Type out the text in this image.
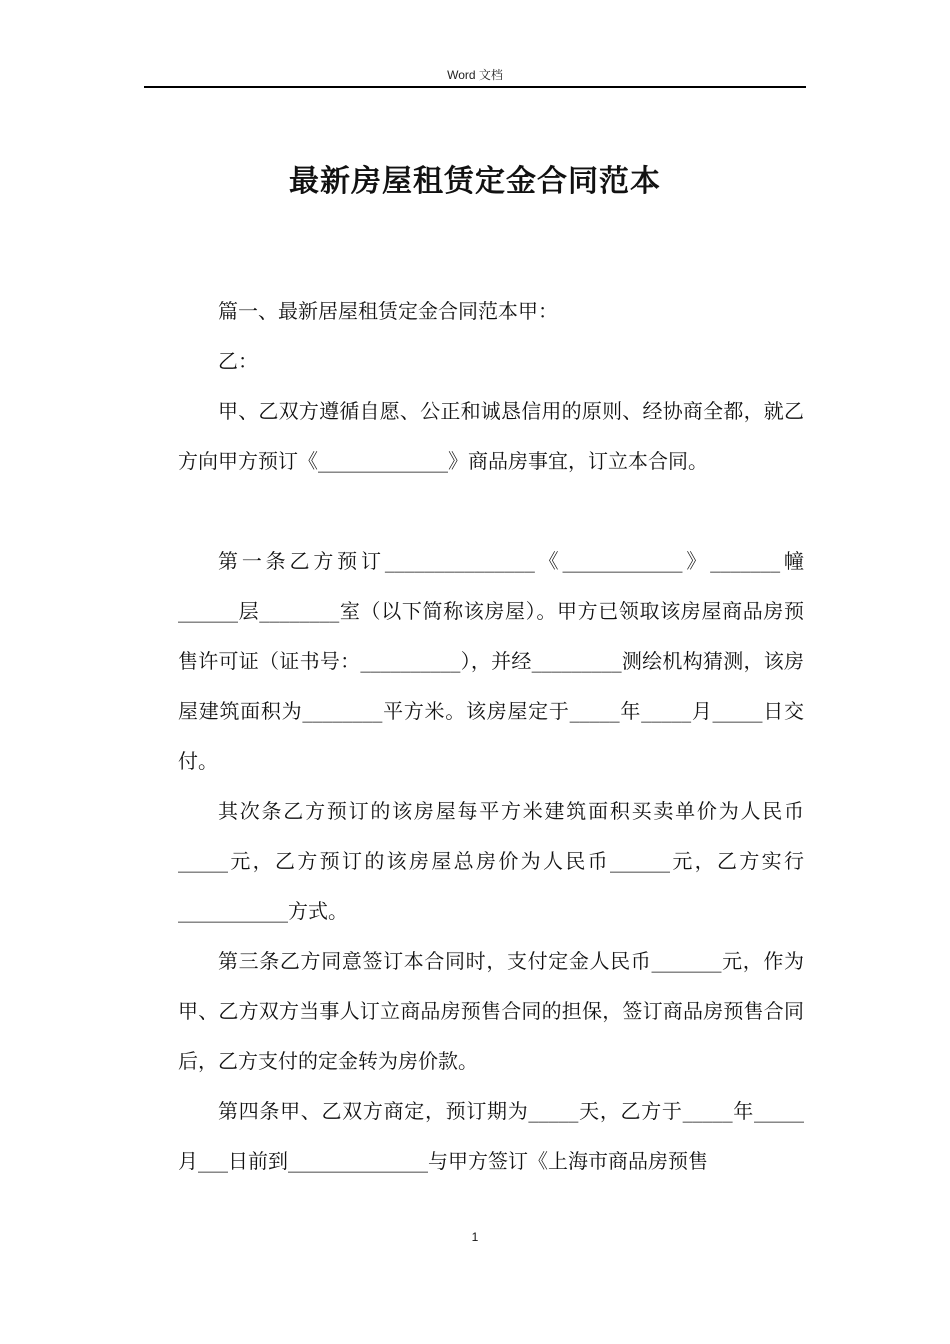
Word 文档
最新房屋租赁定金合同范本

篇一、最新居屋租赁定金合同范本甲：

乙：

甲、乙双方遵循自愿、公正和诚恳信用的原则、经协商全都，就乙方向甲方预订《_____________》商品房事宜，订立本合同。

第一条乙方预订_______________《____________》_______幢______层________室（以下简称该房屋）。甲方已领取该房屋商品房预售许可证（证书号：__________），并经_________测绘机构猜测，该房屋建筑面积为________平方米。该房屋定于_____年_____月_____日交付。

其次条乙方预订的该房屋每平方米建筑面积买卖单价为人民币_____元，乙方预订的该房屋总房价为人民币______元，乙方实行___________方式。

第三条乙方同意签订本合同时，支付定金人民币_______元，作为甲、乙方双方当事人订立商品房预售合同的担保，签订商品房预售合同后，乙方支付的定金转为房价款。

第四条甲、乙双方商定，预订期为_____天，乙方于_____年_____月___日前到______________与甲方签订《上海市商品房预售

1
